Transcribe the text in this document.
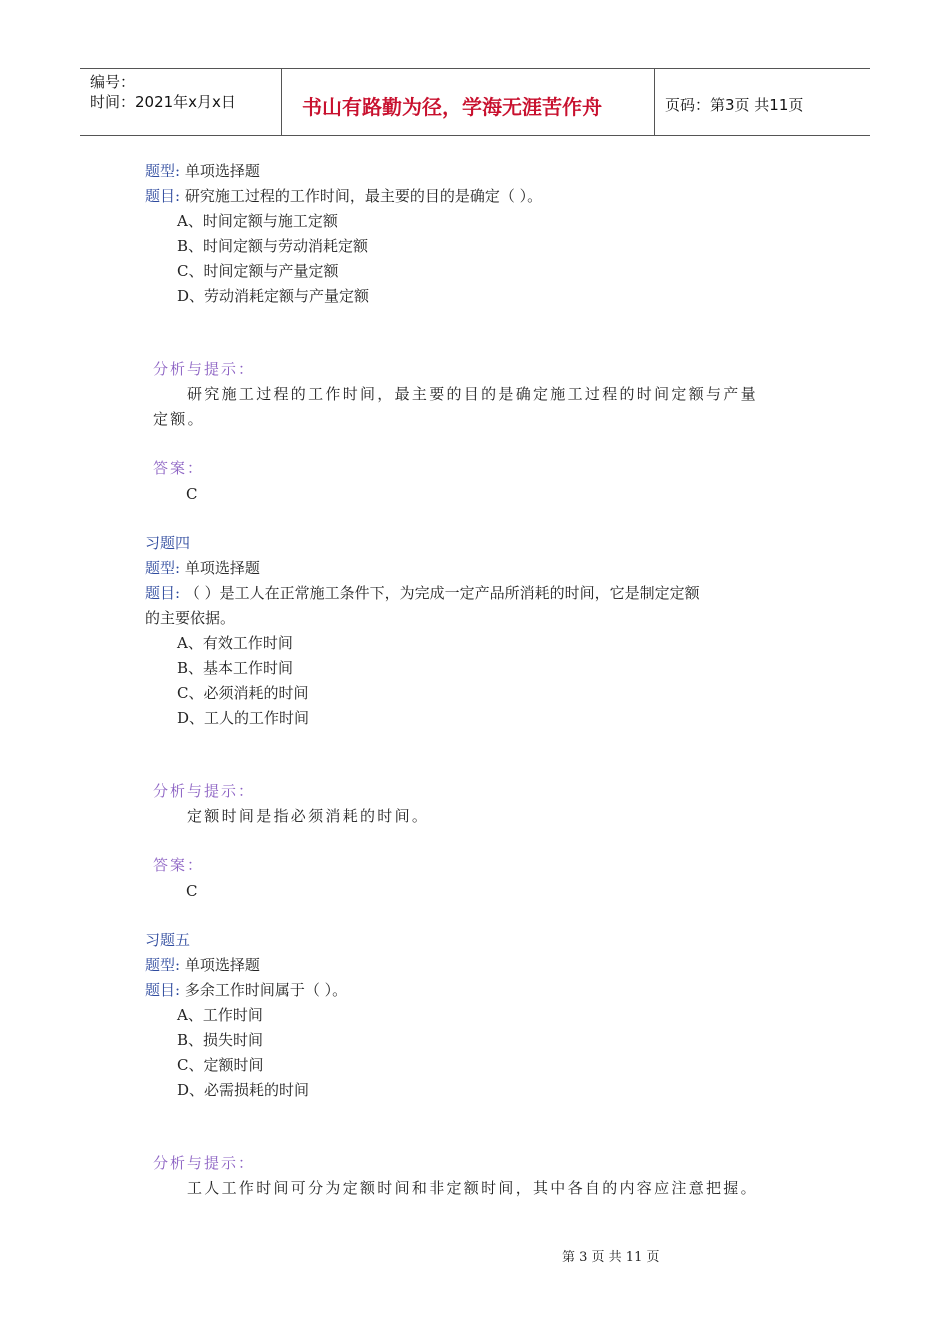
编号：
时间：2021年x月x日	书山有路勤为径，学海无涯苦作舟	页码：第3页 共11页
题型: 单项选择题
题目: 研究施工过程的工作时间，最主要的目的是确定（ ）。
A、时间定额与施工定额
B、时间定额与劳动消耗定额
C、时间定额与产量定额
D、劳动消耗定额与产量定额
分析与提示：
研究施工过程的工作时间，最主要的目的是确定施工过程的时间定额与产量
定额。
答案：
C
习题四
题型: 单项选择题
题目: （ ）是工人在正常施工条件下，为完成一定产品所消耗的时间，它是制定定额
的主要依据。
A、有效工作时间
B、基本工作时间
C、必须消耗的时间
D、工人的工作时间
分析与提示：
定额时间是指必须消耗的时间。
答案：
C
习题五
题型: 单项选择题
题目: 多余工作时间属于（ ）。
A、工作时间
B、损失时间
C、定额时间
D、必需损耗的时间
分析与提示：
工人工作时间可分为定额时间和非定额时间，其中各自的内容应注意把握。
第 3 页 共 11 页
